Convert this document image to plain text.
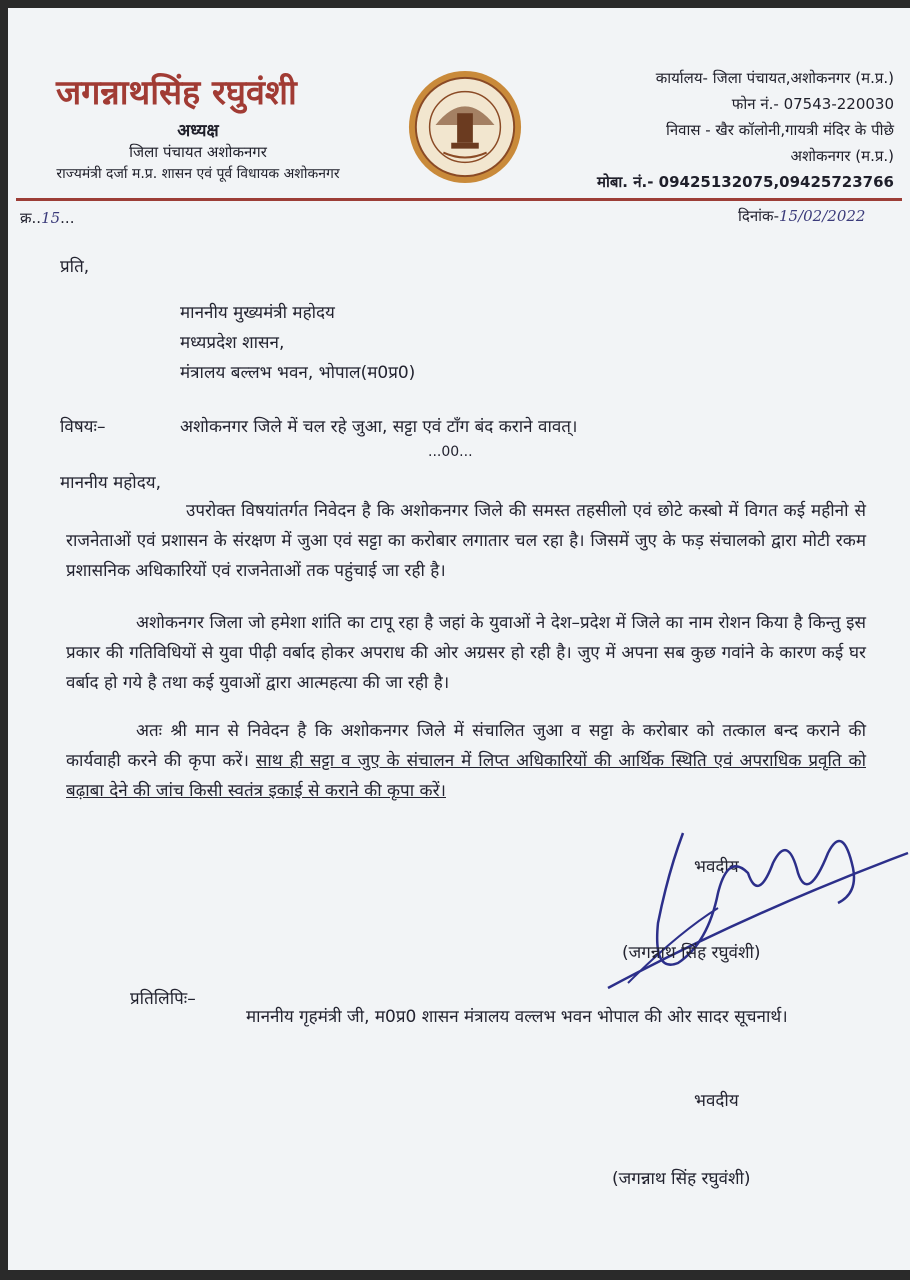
जगन्नाथसिंह रघुवंशी
अध्यक्ष
जिला पंचायत अशोकनगर
राज्यमंत्री दर्जा म.प्र. शासन एवं पूर्व विधायक अशोकनगर
कार्यालय- जिला पंचायत,अशोकनगर (म.प्र.)
फोन नं.- 07543-220030
निवास - खैर कॉलोनी,गायत्री मंदिर के पीछे
अशोकनगर (म.प्र.)
मोबा. नं.- 09425132075,09425723766
क्र..15...	दिनांक-15/02/2022
प्रति,
माननीय मुख्यमंत्री महोदय
मध्यप्रदेश शासन,
मंत्रालय बल्लभ भवन, भोपाल(म0प्र0)
विषयः–	अशोकनगर जिले में चल रहे जुआ, सट्टा एवं टॉंग बंद कराने वावत्।
...00...
माननीय महोदय,
उपरोक्त विषयांतर्गत निवेदन है कि अशोकनगर जिले की समस्त तहसीलो एवं छोटे कस्बो में विगत कई महीनो से राजनेताओं एवं प्रशासन के संरक्षण में जुआ एवं सट्टा का करोबार लगातार चल रहा है। जिसमें जुए के फड़ संचालको द्वारा मोटी रकम प्रशासनिक अधिकारियों एवं राजनेताओं तक पहुंचाई जा रही है।
अशोकनगर जिला जो हमेशा शांति का टापू रहा है जहां के युवाओं ने देश–प्रदेश में जिले का नाम रोशन किया है किन्तु इस प्रकार की गतिविधियों से युवा पीढ़ी वर्बाद होकर अपराध की ओर अग्रसर हो रही है। जुए में अपना सब कुछ गवांने के कारण कई घर वर्बाद हो गये है तथा कई युवाओं द्वारा आत्महत्या की जा रही है।
अतः श्री मान से निवेदन है कि अशोकनगर जिले में संचालित जुआ व सट्टा के करोबार को तत्काल बन्द कराने की कार्यवाही करने की कृपा करें। साथ ही सट्टा व जुए के संचालन में लिप्त अधिकारियों की आर्थिक स्थिति एवं अपराधिक प्रवृति को बढ़ाबा देने की जांच किसी स्वतंत्र इकाई से कराने की कृपा करें।
भवदीय
(जगन्नाथ सिंह रघुवंशी)
प्रतिलिपिः–
माननीय गृहमंत्री जी, म0प्र0 शासन मंत्रालय वल्लभ भवन भोपाल की ओर सादर सूचनार्थ।
भवदीय
(जगन्नाथ सिंह रघुवंशी)
